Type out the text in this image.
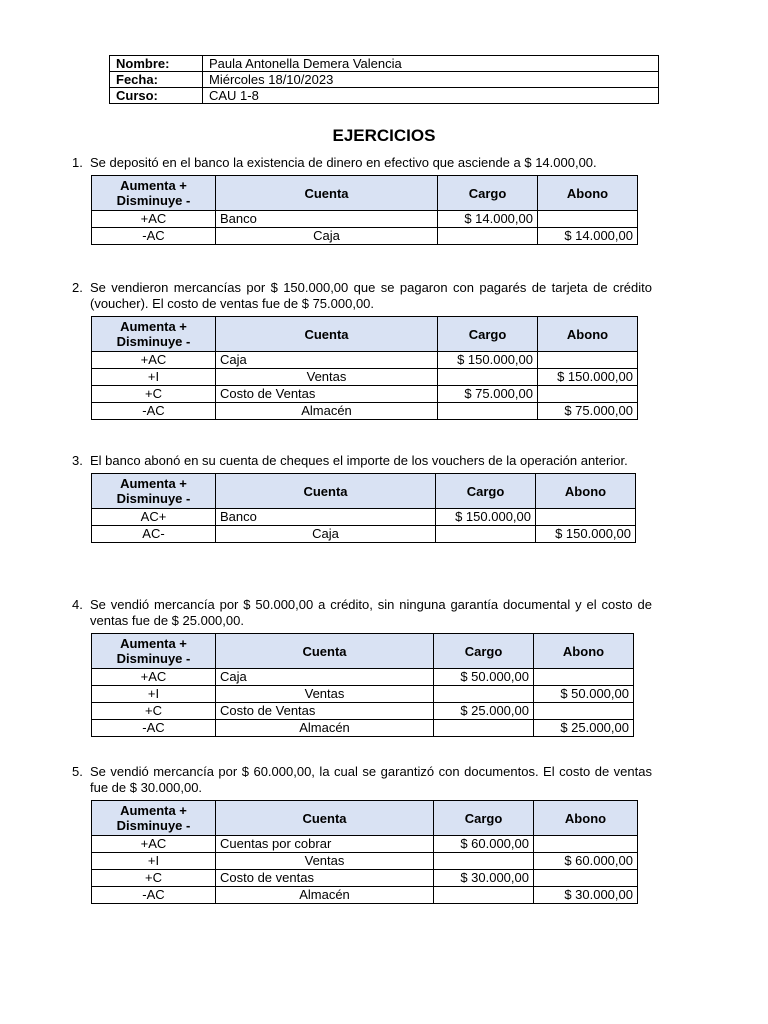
Nombre:	Paula Antonella Demera Valencia
Fecha:	Miércoles 18/10/2023
Curso:	CAU 1-8
EJERCICIOS
1. Se depositó en el banco la existencia de dinero en efectivo que asciende a $ 14.000,00.
Aumenta +
Disminuye -	Cuenta	Cargo	Abono
+AC	Banco	$ 14.000,00	
-AC	Caja		$ 14.000,00
2. Se vendieron mercancías por $ 150.000,00 que se pagaron con pagarés de tarjeta de crédito (voucher). El costo de ventas fue de $ 75.000,00.
Aumenta +
Disminuye -	Cuenta	Cargo	Abono
+AC	Caja	$ 150.000,00	
+I	Ventas		$ 150.000,00
+C	Costo de Ventas	$ 75.000,00	
-AC	Almacén		$ 75.000,00
3. El banco abonó en su cuenta de cheques el importe de los vouchers de la operación anterior.
Aumenta +
Disminuye -	Cuenta	Cargo	Abono
AC+	Banco	$ 150.000,00	
AC-	Caja		$ 150.000,00
4. Se vendió mercancía por $ 50.000,00 a crédito, sin ninguna garantía documental y el costo de ventas fue de $ 25.000,00.
Aumenta +
Disminuye -	Cuenta	Cargo	Abono
+AC	Caja	$ 50.000,00	
+I	Ventas		$ 50.000,00
+C	Costo de Ventas	$ 25.000,00	
-AC	Almacén		$ 25.000,00
5. Se vendió mercancía por $ 60.000,00, la cual se garantizó con documentos. El costo de ventas fue de $ 30.000,00.
Aumenta +
Disminuye -	Cuenta	Cargo	Abono
+AC	Cuentas por cobrar	$ 60.000,00	
+I	Ventas		$ 60.000,00
+C	Costo de ventas	$ 30.000,00	
-AC	Almacén		$ 30.000,00
